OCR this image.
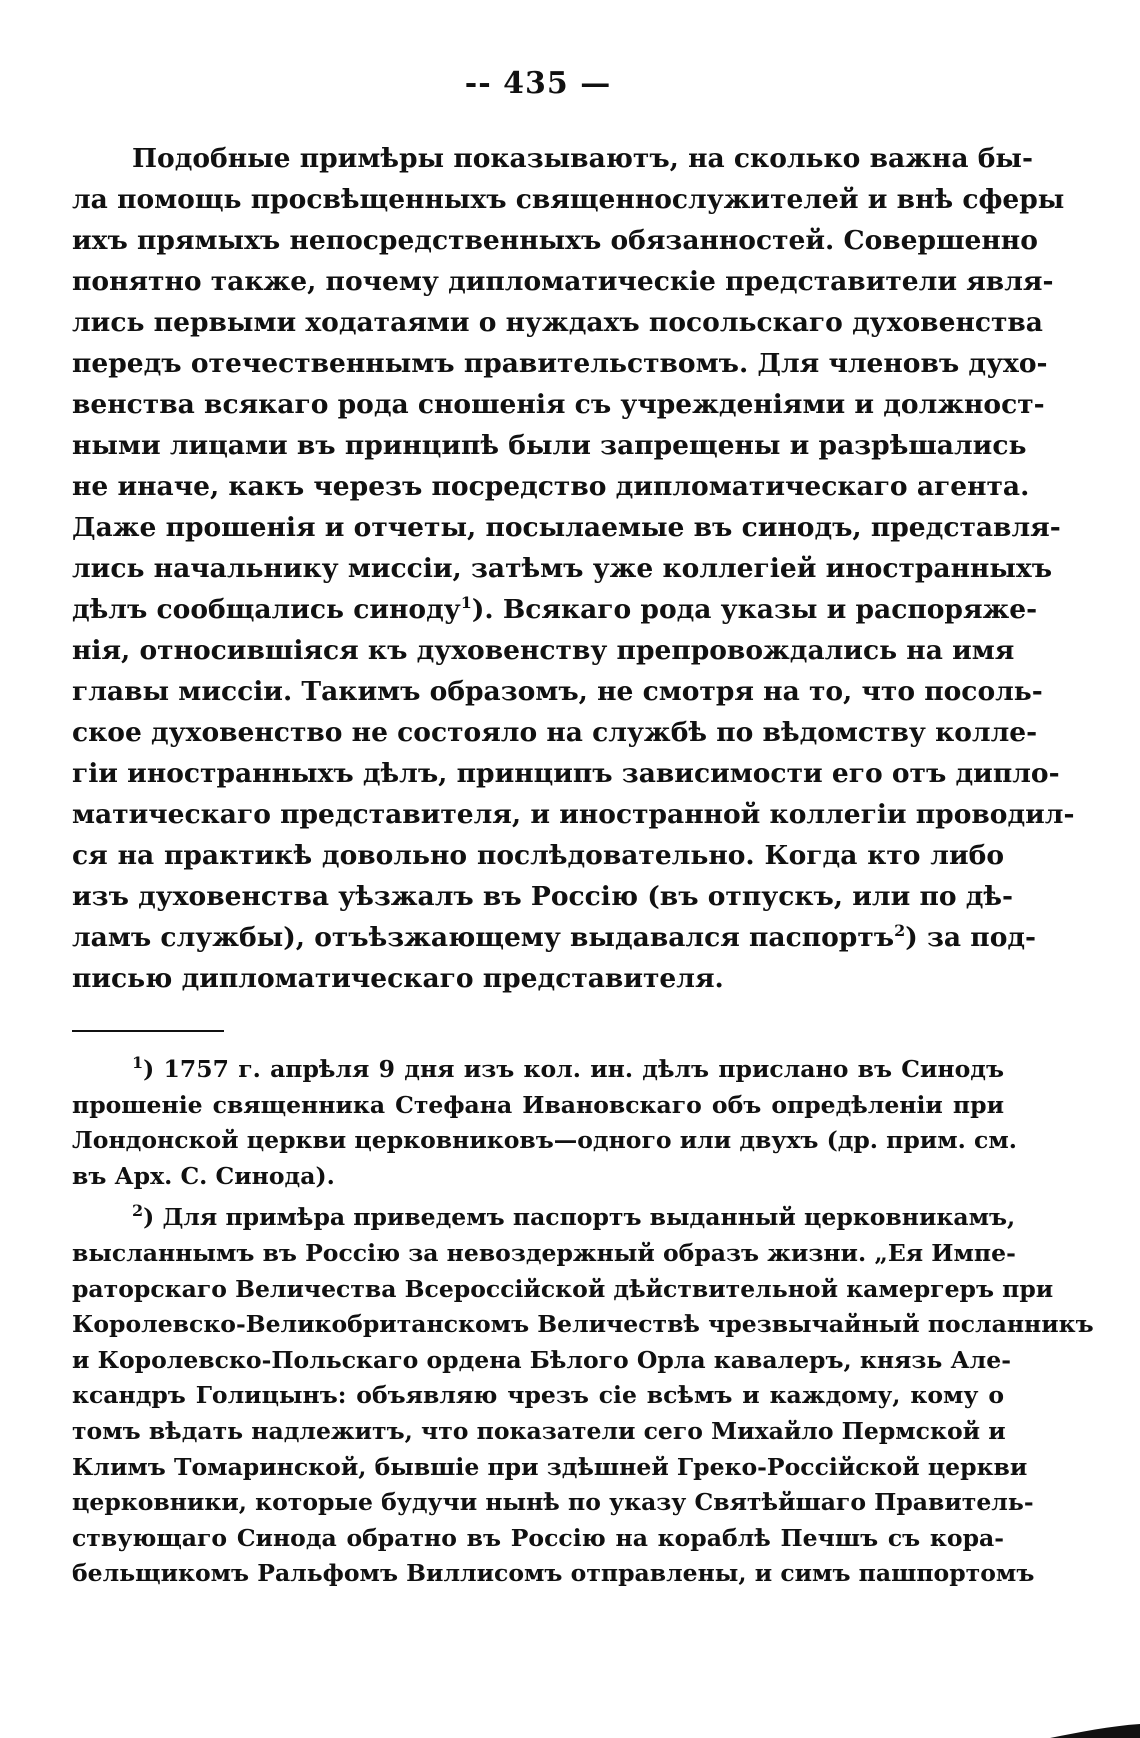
-- 435 —
Подобные примѣры показываютъ, на сколько важна бы-
ла помощь просвѣщенныхъ священнослужителей и внѣ сферы
ихъ прямыхъ непосредственныхъ обязанностей. Совершенно
понятно также, почему дипломатическіе представители явля-
лись первыми ходатаями о нуждахъ посольскаго духовенства
передъ отечественнымъ правительствомъ. Для членовъ духо-
венства всякаго рода сношенія съ учрежденіями и должност-
ными лицами въ принципѣ были запрещены и разрѣшались
не иначе, какъ черезъ посредство дипломатическаго агента.
Даже прошенія и отчеты, посылаемые въ синодъ, представля-
лись начальнику миссіи, затѣмъ уже коллегіей иностранныхъ
дѣлъ сообщались синоду$^1$). Всякаго рода указы и распоряже-
нія, относившіяся къ духовенству препровождались на имя
главы миссіи. Такимъ образомъ, не смотря на то, что посоль-
ское духовенство не состояло на службѣ по вѣдомству колле-
гіи иностранныхъ дѣлъ, принципъ зависимости его отъ дипло-
матическаго представителя, и иностранной коллегіи проводил-
ся на практикѣ довольно послѣдовательно. Когда кто либо
изъ духовенства уѣзжалъ въ Россію (въ отпускъ, или по дѣ-
ламъ службы), отъѣзжающему выдавался паспортъ$^2$) за под-
писью дипломатическаго представителя.
$^1$) 1757 г. апрѣля 9 дня изъ кол. ин. дѣлъ прислано въ Синодъ
прошеніе священника Стефана Ивановскаго объ опредѣленіи при
Лондонской церкви церковниковъ—одного или двухъ (др. прим. см.
въ Арх. С. Синода).
$^2$) Для примѣра приведемъ паспортъ выданный церковникамъ,
высланнымъ въ Россію за невоздержный образъ жизни. „Ея Импе-
раторскаго Величества Всероссійской дѣйствительной камергеръ при
Королевско-Великобританскомъ Величествѣ чрезвычайный посланникъ
и Королевско-Польскаго ордена Бѣлого Орла кавалеръ, князь Але-
ксандръ Голицынъ: объявляю чрезъ сіе всѣмъ и каждому, кому о
томъ вѣдать надлежитъ, что показатели сего Михайло Пермской и
Климъ Томаринской, бывшіе при здѣшней Греко-Россійской церкви
церковники, которые будучи нынѣ по указу Святѣйшаго Правитель-
ствующаго Синода обратно въ Россію на кораблѣ Печшъ съ кора-
бельщикомъ Ральфомъ Виллисомъ отправлены, и симъ пашпортомъ
